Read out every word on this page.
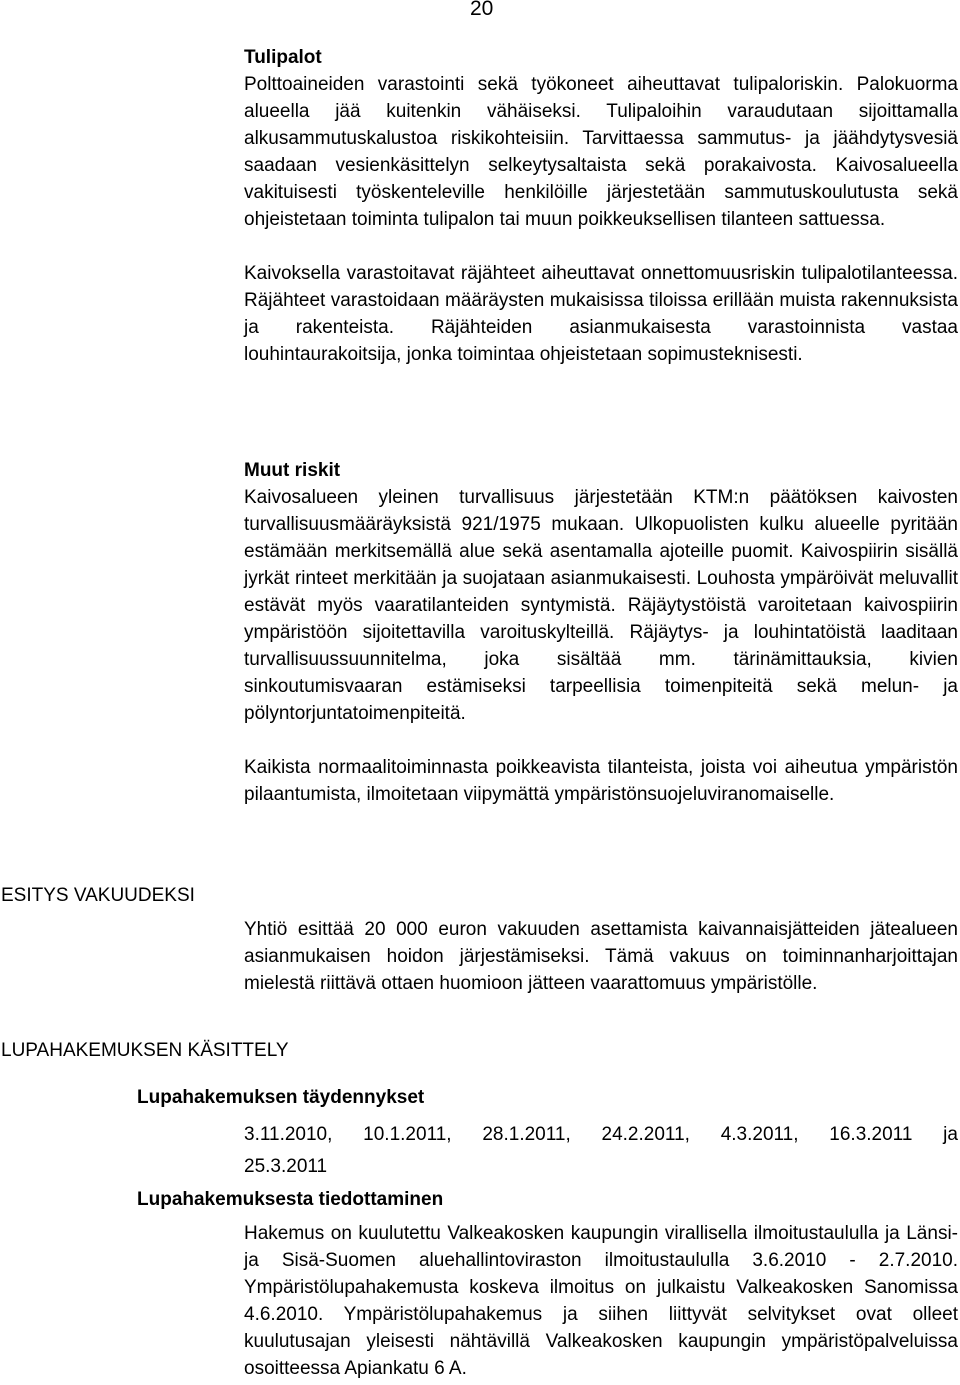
20

Tulipalot

Polttoaineiden varastointi sekä työkoneet aiheuttavat tulipaloriskin. Palokuorma alueella jää kuitenkin vähäiseksi. Tulipaloihin varaudutaan sijoittamalla alkusammutuskalustoa riskikohteisiin. Tarvittaessa sammutus- ja jäähdytysvesiä saadaan vesienkäsittelyn selkeytysaltaista sekä porakaivosta. Kaivosalueella vakituisesti työskenteleville henkilöille järjestetään sammutuskoulutusta sekä ohjeistetaan toiminta tulipalon tai muun poikkeuksellisen tilanteen sattuessa.

Kaivoksella varastoitavat räjähteet aiheuttavat onnettomuusriskin tulipalotilanteessa. Räjähteet varastoidaan määräysten mukaisissa tiloissa erillään muista rakennuksista ja rakenteista. Räjähteiden asianmukaisesta varastoinnista vastaa louhintaurakoitsija, jonka toimintaa ohjeistetaan sopimusteknisesti.

Muut riskit

Kaivosalueen yleinen turvallisuus järjestetään KTM:n päätöksen kaivosten turvallisuusmääräyksistä 921/1975 mukaan. Ulkopuolisten kulku alueelle pyritään estämään merkitsemällä alue sekä asentamalla ajoteille puomit. Kaivospiirin sisällä jyrkät rinteet merkitään ja suojataan asianmukaisesti. Louhosta ympäröivät meluvallit estävät myös vaaratilanteiden syntymistä. Räjäytystöistä varoitetaan kaivospiirin ympäristöön sijoitettavilla varoituskylteillä. Räjäytys- ja louhintatöistä laaditaan turvallisuussuunnitelma, joka sisältää mm. tärinämittauksia, kivien sinkoutumisvaaran estämiseksi tarpeellisia toimenpiteitä sekä melun- ja pölyntorjuntatoimenpiteitä.

Kaikista normaalitoiminnasta poikkeavista tilanteista, joista voi aiheutua ympäristön pilaantumista, ilmoitetaan viipymättä ympäristönsuojeluviranomaiselle.

ESITYS VAKUUDEKSI

Yhtiö esittää 20 000 euron vakuuden asettamista kaivannaisjätteiden jätealueen asianmukaisen hoidon järjestämiseksi. Tämä vakuus on toiminnanharjoittajan mielestä riittävä ottaen huomioon jätteen vaarattomuus ympäristölle.

LUPAHAKEMUKSEN KÄSITTELY
Lupahakemuksen täydennykset
3.11.2010, 10.1.2011, 28.1.2011, 24.2.2011, 4.3.2011, 16.3.2011 ja
25.3.2011
Lupahakemuksesta tiedottaminen

Hakemus on kuulutettu Valkeakosken kaupungin virallisella ilmoitustaululla ja Länsi- ja Sisä-Suomen aluehallintoviraston ilmoitustaululla 3.6.2010 - 2.7.2010. Ympäristölupahakemusta koskeva ilmoitus on julkaistu Valkeakosken Sanomissa 4.6.2010. Ympäristölupahakemus ja siihen liittyvät selvitykset ovat olleet kuulutusajan yleisesti nähtävillä Valkeakosken kaupungin ympäristöpalveluissa osoitteessa Apiankatu 6 A.
